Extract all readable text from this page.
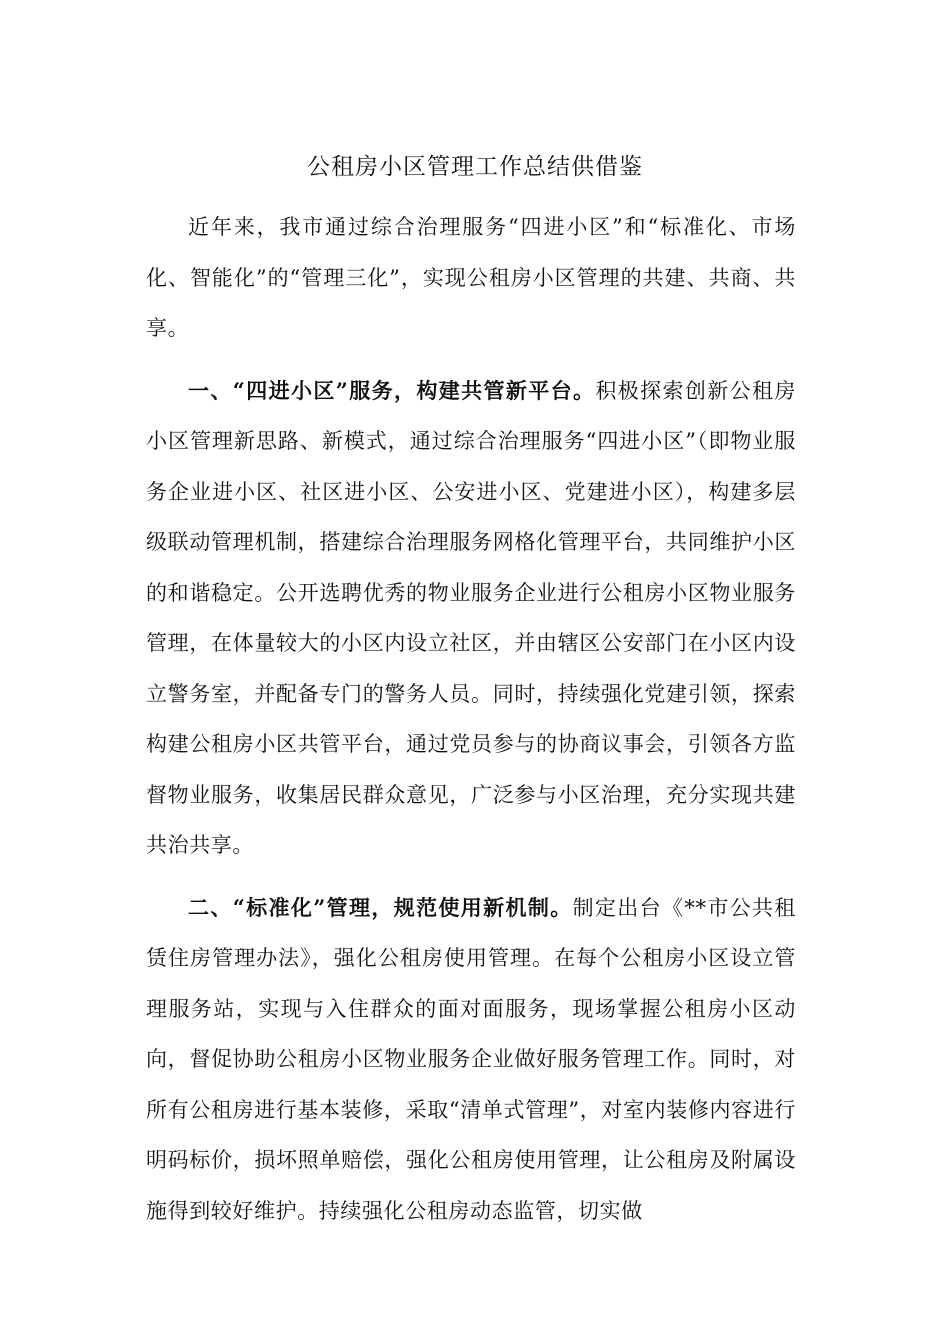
公租房小区管理工作总结供借鉴

近年来，我市通过综合治理服务“四进小区”和“标准化、市场化、智能化”的“管理三化”，实现公租房小区管理的共建、共商、共享。

一、“四进小区”服务，构建共管新平台。积极探索创新公租房小区管理新思路、新模式，通过综合治理服务“四进小区”（即物业服务企业进小区、社区进小区、公安进小区、党建进小区），构建多层级联动管理机制，搭建综合治理服务网格化管理平台，共同维护小区的和谐稳定。公开选聘优秀的物业服务企业进行公租房小区物业服务管理，在体量较大的小区内设立社区，并由辖区公安部门在小区内设立警务室，并配备专门的警务人员。同时，持续强化党建引领，探索构建公租房小区共管平台，通过党员参与的协商议事会，引领各方监督物业服务，收集居民群众意见，广泛参与小区治理，充分实现共建共治共享。

二、“标准化”管理，规范使用新机制。制定出台《**市公共租赁住房管理办法》，强化公租房使用管理。在每个公租房小区设立管理服务站，实现与入住群众的面对面服务，现场掌握公租房小区动向，督促协助公租房小区物业服务企业做好服务管理工作。同时，对所有公租房进行基本装修，采取“清单式管理”，对室内装修内容进行明码标价，损坏照单赔偿，强化公租房使用管理，让公租房及附属设施得到较好维护。持续强化公租房动态监管，切实做
